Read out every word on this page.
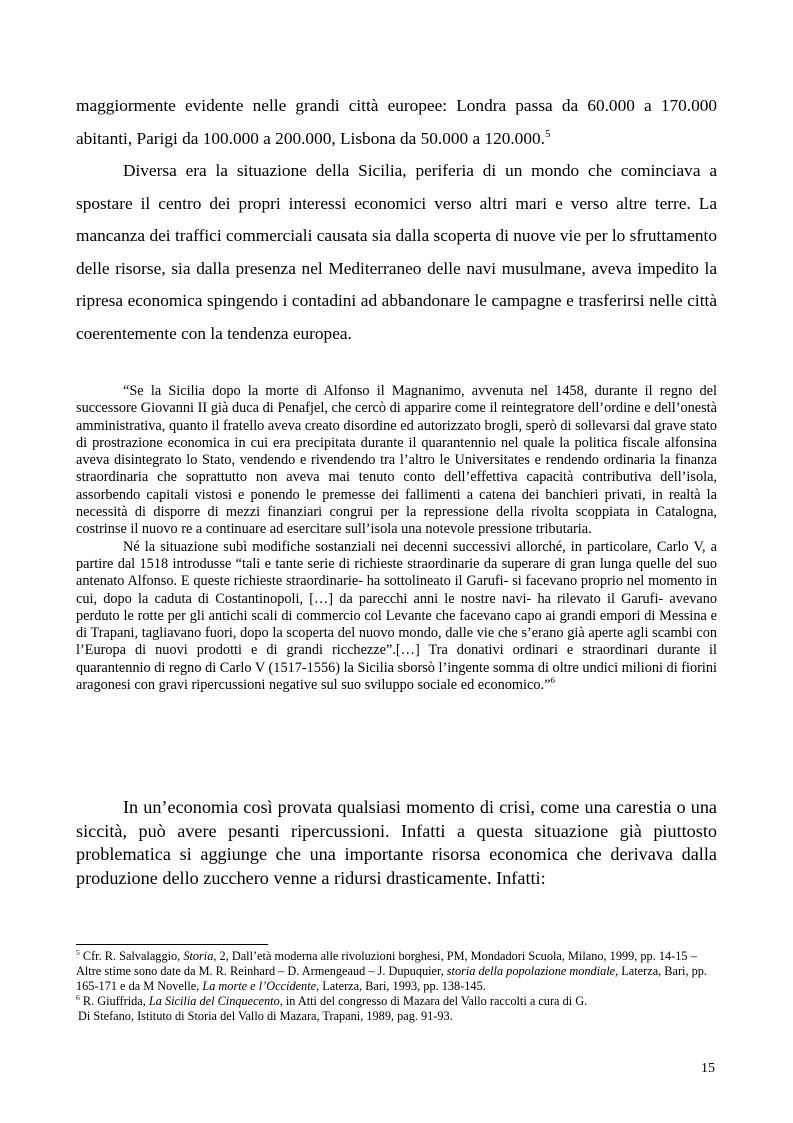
maggiormente evidente nelle grandi città europee: Londra passa da 60.000 a 170.000 abitanti, Parigi da 100.000 a 200.000, Lisbona da 50.000 a 120.000.$^5$

Diversa era la situazione della Sicilia, periferia di un mondo che cominciava a spostare il centro dei propri interessi economici verso altri mari e verso altre terre. La mancanza dei traffici commerciali causata sia dalla scoperta di nuove vie per lo sfruttamento delle risorse, sia dalla presenza nel Mediterraneo delle navi musulmane, aveva impedito la ripresa economica spingendo i contadini ad abbandonare le campagne e trasferirsi nelle città coerentemente con la tendenza europea.

“Se la Sicilia dopo la morte di Alfonso il Magnanimo, avvenuta nel 1458, durante il regno del successore Giovanni II già duca di Penafjel, che cercò di apparire come il reintegratore dell’ordine e dell’onestà amministrativa, quanto il fratello aveva creato disordine ed autorizzato brogli, sperò di sollevarsi dal grave stato di prostrazione economica in cui era precipitata durante il quarantennio nel quale la politica fiscale alfonsina aveva disintegrato lo Stato, vendendo e rivendendo tra l’altro le Universitates e rendendo ordinaria la finanza straordinaria che soprattutto non aveva mai tenuto conto dell’effettiva capacità contributiva dell’isola, assorbendo capitali vistosi e ponendo le premesse dei fallimenti a catena dei banchieri privati, in realtà la necessità di disporre di mezzi finanziari congrui per la repressione della rivolta scoppiata in Catalogna, costrinse il nuovo re a continuare ad esercitare sull’isola una notevole pressione tributaria.

Né la situazione subì modifiche sostanziali nei decenni successivi allorché, in particolare, Carlo V, a partire dal 1518 introdusse “tali e tante serie di richieste straordinarie da superare di gran lunga quelle del suo antenato Alfonso. E queste richieste straordinarie- ha sottolineato il Garufi- si facevano proprio nel momento in cui, dopo la caduta di Costantinopoli, […] da parecchi anni le nostre navi- ha rilevato il Garufi- avevano perduto le rotte per gli antichi scali di commercio col Levante che facevano capo ai grandi empori di Messina e di Trapani, tagliavano fuori, dopo la scoperta del nuovo mondo, dalle vie che s’erano già aperte agli scambi con l’Europa di nuovi prodotti e di grandi ricchezze”.[…] Tra donativi ordinari e straordinari durante il quarantennio di regno di Carlo V (1517-1556) la Sicilia sborsò l’ingente somma di oltre undici milioni di fiorini aragonesi con gravi ripercussioni negative sul suo sviluppo sociale ed economico.”$^6$

In un’economia così provata qualsiasi momento di crisi, come una carestia o una siccità, può avere pesanti ripercussioni. Infatti a questa situazione già piuttosto problematica si aggiunge che una importante risorsa economica che derivava dalla produzione dello zucchero venne a ridursi drasticamente. Infatti:

$^5$ Cfr. R. Salvalaggio, Storia, 2, Dall’età moderna alle rivoluzioni borghesi, PM, Mondadori Scuola, Milano, 1999, pp. 14-15 – Altre stime sono date da M. R. Reinhard – D. Armengeaud – J. Dupuquier, storia della popolazione mondiale, Laterza, Bari, pp. 165-171 e da M Novelle, La morte e l’Occidente, Laterza, Bari, 1993, pp. 138-145.

$^6$ R. Giuffrida, La Sicilia del Cinquecento, in Atti del congresso di Mazara del Vallo raccolti a cura di G.

Di Stefano, Istituto di Storia del Vallo di Mazara, Trapani, 1989, pag. 91-93.

15
